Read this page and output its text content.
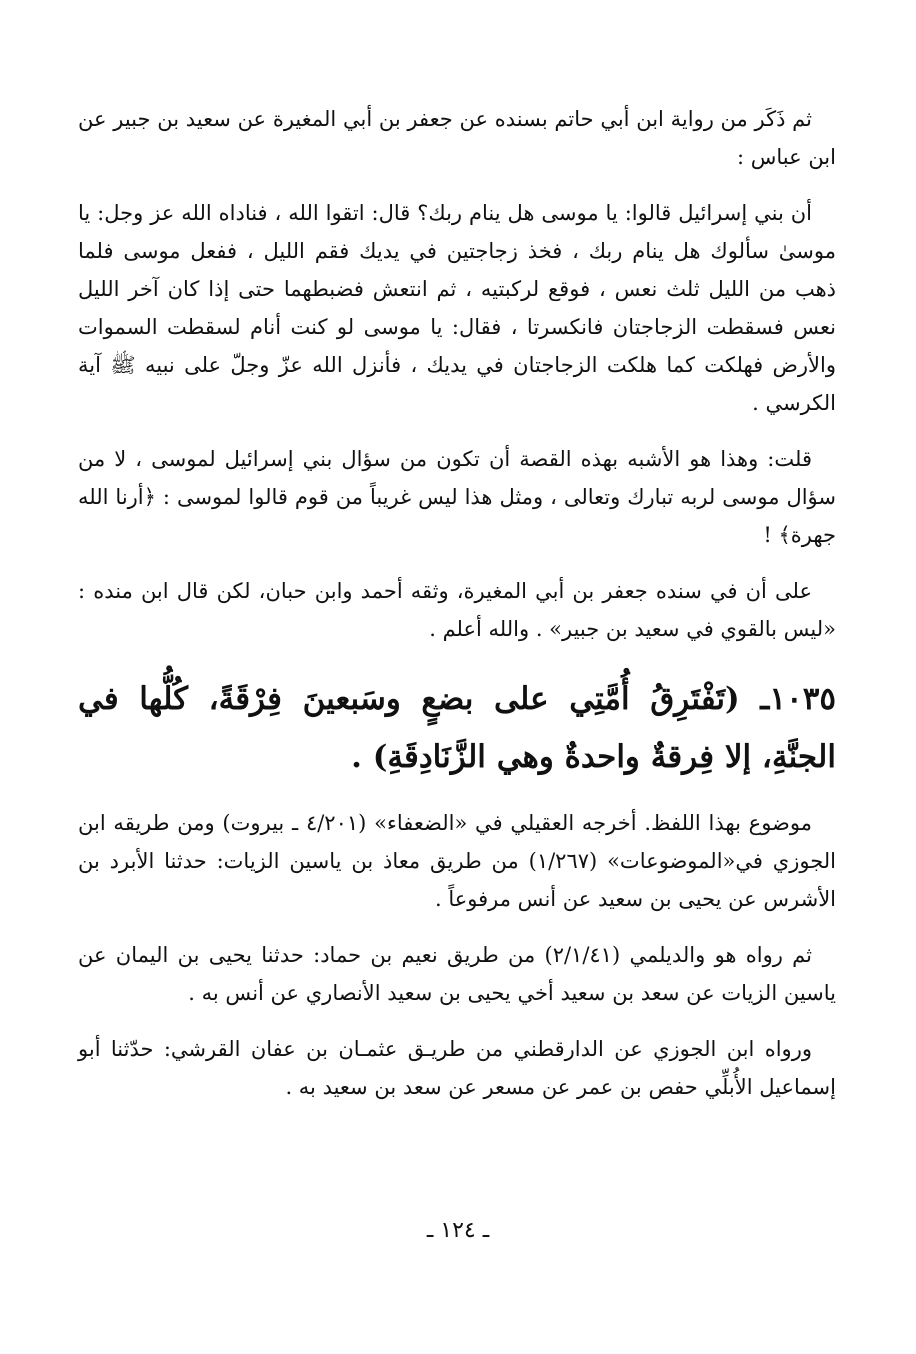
ثم ذَكَر من رواية ابن أبي حاتم بسنده عن جعفر بن أبي المغيرة عن سعيد بن جبير عن ابن عباس :

أن بني إسرائيل قالوا: يا موسى هل ينام ربك؟ قال: اتقوا الله ، فناداه الله عز وجل: يا موسىٰ سألوك هل ينام ربك ، فخذ زجاجتين في يديك فقم الليل ، ففعل موسى فلما ذهب من الليل ثلث نعس ، فوقع لركبتيه ، ثم انتعش فضبطهما حتى إذا كان آخر الليل نعس فسقطت الزجاجتان فانكسرتا ، فقال: يا موسى لو كنت أنام لسقطت السموات والأرض فهلكت كما هلكت الزجاجتان في يديك ، فأنزل الله عزّ وجلّ على نبيه ﷺ آية الكرسي .

قلت: وهذا هو الأشبه بهذه القصة أن تكون من سؤال بني إسرائيل لموسى ، لا من سؤال موسى لربه تبارك وتعالى ، ومثل هذا ليس غريباً من قوم قالوا لموسى : ﴿أرنا الله جهرة﴾ !

على أن في سنده جعفر بن أبي المغيرة، وثقه أحمد وابن حبان، لكن قال ابن منده : «ليس بالقوي في سعيد بن جبير» . والله أعلم .

١٠٣٥ـ (تَفْتَرِقُ أُمَّتِي على بضعٍ وسَبعينَ فِرْقَةً، كُلُّها في الجنَّةِ، إلا فِرقةٌ واحدةٌ وهي الزَّنَادِقَةِ) .

موضوع بهذا اللفظ. أخرجه العقيلي في «الضعفاء» (٤/٢٠١ ـ بيروت) ومن طريقه ابن الجوزي في«الموضوعات» (١/٢٦٧) من طريق معاذ بن ياسين الزيات: حدثنا الأبرد بن الأشرس عن يحيى بن سعيد عن أنس مرفوعاً .

ثم رواه هو والديلمي (٢/١/٤١) من طريق نعيم بن حماد: حدثنا يحيى بن اليمان عن ياسين الزيات عن سعد بن سعيد أخي يحيى بن سعيد الأنصاري عن أنس به .

ورواه ابن الجوزي عن الدارقطني من طريـق عثمـان بن عفان القرشي: حدّثنا أبو إسماعيل الأُبلِّي حفص بن عمر عن مسعر عن سعد بن سعيد به .

ـ ١٢٤ ـ
